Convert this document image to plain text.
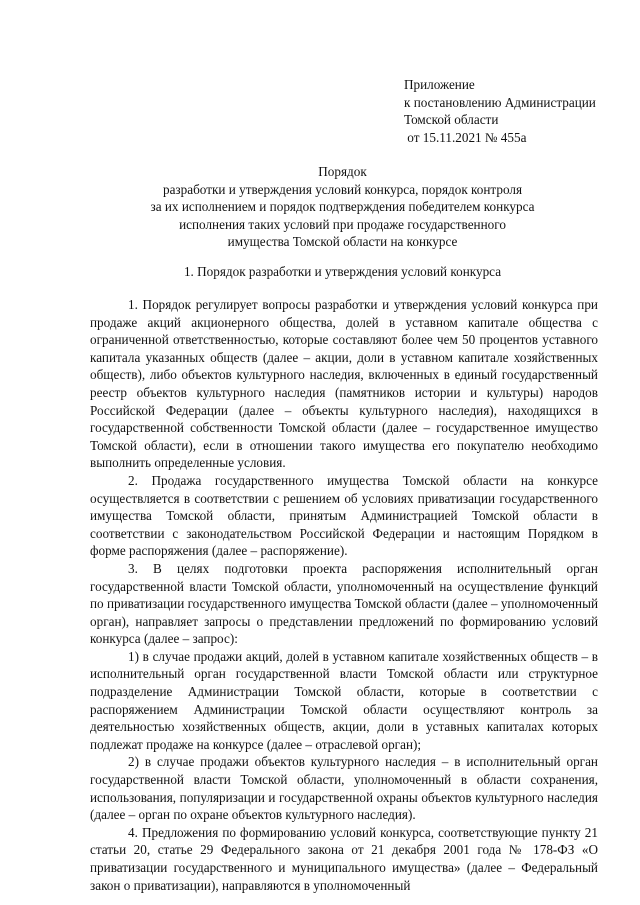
Приложение
к постановлению Администрации
Томской области
от 15.11.2021 № 455а
Порядок
разработки и утверждения условий конкурса, порядок контроля
за их исполнением и порядок подтверждения победителем конкурса
исполнения таких условий при продаже государственного
имущества Томской области на конкурсе
1. Порядок разработки и утверждения условий конкурса

1. Порядок регулирует вопросы разработки и утверждения условий конкурса при продаже акций акционерного общества, долей в уставном капитале общества с ограниченной ответственностью, которые составляют более чем 50 процентов уставного капитала указанных обществ (далее – акции, доли в уставном капитале хозяйственных обществ), либо объектов культурного наследия, включенных в единый государственный реестр объектов культурного наследия (памятников истории и культуры) народов Российской Федерации (далее – объекты культурного наследия), находящихся в государственной собственности Томской области (далее – государственное имущество Томской области), если в отношении такого имущества его покупателю необходимо выполнить определенные условия.

2. Продажа государственного имущества Томской области на конкурсе осуществляется в соответствии с решением об условиях приватизации государственного имущества Томской области, принятым Администрацией Томской области в соответствии с законодательством Российской Федерации и настоящим Порядком в форме распоряжения (далее – распоряжение).

3. В целях подготовки проекта распоряжения исполнительный орган государственной власти Томской области, уполномоченный на осуществление функций по приватизации государственного имущества Томской области (далее – уполномоченный орган), направляет запросы о представлении предложений по формированию условий конкурса (далее – запрос):

1) в случае продажи акций, долей в уставном капитале хозяйственных обществ – в исполнительный орган государственной власти Томской области или структурное подразделение Администрации Томской области, которые в соответствии с распоряжением Администрации Томской области осуществляют контроль за деятельностью хозяйственных обществ, акции, доли в уставных капиталах которых подлежат продаже на конкурсе (далее – отраслевой орган);

2) в случае продажи объектов культурного наследия – в исполнительный орган государственной власти Томской области, уполномоченный в области сохранения, использования, популяризации и государственной охраны объектов культурного наследия (далее – орган по охране объектов культурного наследия).

4. Предложения по формированию условий конкурса, соответствующие пункту 21 статьи 20, статье 29 Федерального закона от 21 декабря 2001 года № 178-ФЗ «О приватизации государственного и муниципального имущества» (далее – Федеральный закон о приватизации), направляются в уполномоченный
